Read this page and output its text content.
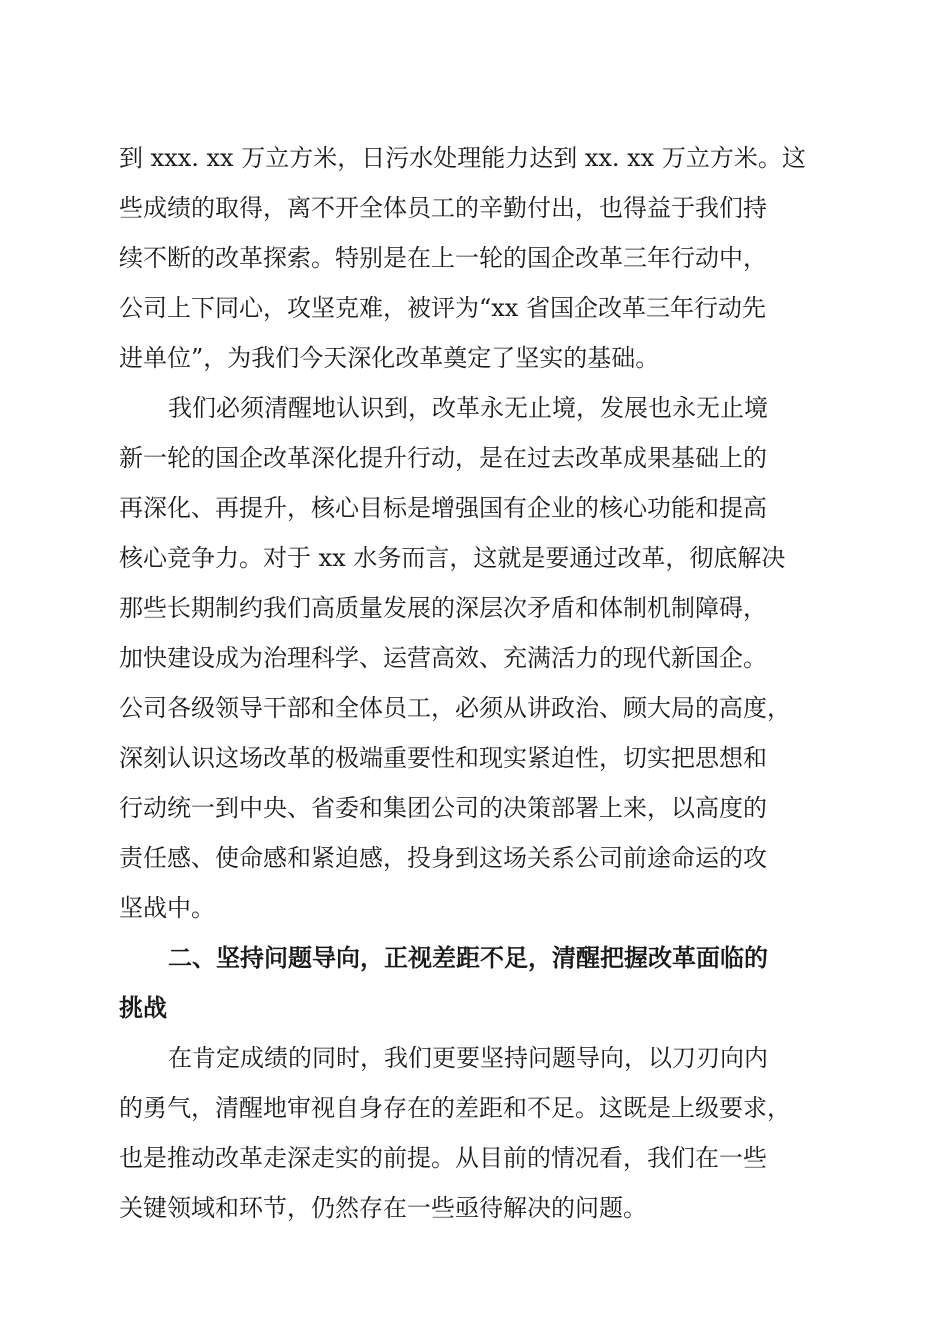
到 xxx. xx 万立方米，日污水处理能力达到 xx. xx 万立方米。这
些成绩的取得，离不开全体员工的辛勤付出，也得益于我们持
续不断的改革探索。特别是在上一轮的国企改革三年行动中，
公司上下同心，攻坚克难，被评为“xx 省国企改革三年行动先
进单位”，为我们今天深化改革奠定了坚实的基础。
我们必须清醒地认识到，改革永无止境，发展也永无止境
新一轮的国企改革深化提升行动，是在过去改革成果基础上的
再深化、再提升，核心目标是增强国有企业的核心功能和提高
核心竞争力。对于 xx 水务而言，这就是要通过改革，彻底解决
那些长期制约我们高质量发展的深层次矛盾和体制机制障碍，
加快建设成为治理科学、运营高效、充满活力的现代新国企。
公司各级领导干部和全体员工，必须从讲政治、顾大局的高度，
深刻认识这场改革的极端重要性和现实紧迫性，切实把思想和
行动统一到中央、省委和集团公司的决策部署上来，以高度的
责任感、使命感和紧迫感，投身到这场关系公司前途命运的攻
坚战中。
二、坚持问题导向，正视差距不足，清醒把握改革面临的
挑战
在肯定成绩的同时，我们更要坚持问题导向，以刀刃向内
的勇气，清醒地审视自身存在的差距和不足。这既是上级要求，
也是推动改革走深走实的前提。从目前的情况看，我们在一些
关键领域和环节，仍然存在一些亟待解决的问题。
